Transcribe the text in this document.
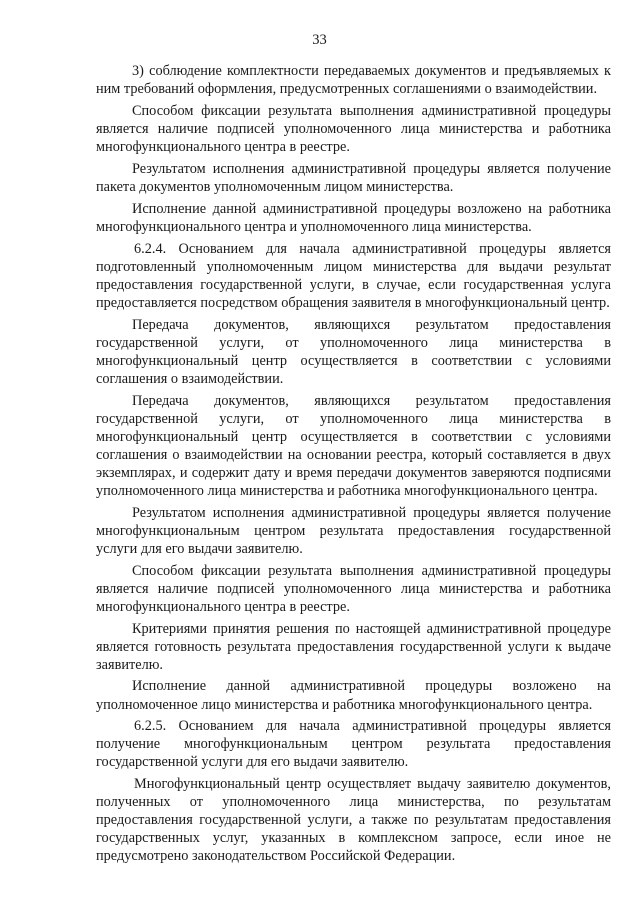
33

3) соблюдение комплектности передаваемых документов и предъявляемых к ним требований оформления, предусмотренных соглашениями о взаимодействии.

Способом фиксации результата выполнения административной процедуры является наличие подписей уполномоченного лица министерства и работника многофункционального центра в реестре.

Результатом исполнения административной процедуры является получение пакета документов уполномоченным лицом министерства.

Исполнение данной административной процедуры возложено на работника многофункционального центра и уполномоченного лица министерства.

6.2.4. Основанием для начала административной процедуры является подготовленный уполномоченным лицом министерства для выдачи результат предоставления государственной услуги, в случае, если государственная услуга предоставляется посредством обращения заявителя в многофункциональный центр.

Передача документов, являющихся результатом предоставления государственной услуги, от уполномоченного лица министерства в многофункциональный центр осуществляется в соответствии с условиями соглашения о взаимодействии.

Передача документов, являющихся результатом предоставления государственной услуги, от уполномоченного лица министерства в многофункциональный центр осуществляется в соответствии с условиями соглашения о взаимодействии на основании реестра, который составляется в двух экземплярах, и содержит дату и время передачи документов заверяются подписями уполномоченного лица министерства и работника многофункционального центра.

Результатом исполнения административной процедуры является получение многофункциональным центром результата предоставления государственной услуги для его выдачи заявителю.

Способом фиксации результата выполнения административной процедуры является наличие подписей уполномоченного лица министерства и работника многофункционального центра в реестре.

Критериями принятия решения по настоящей административной процедуре является готовность результата предоставления государственной услуги к выдаче заявителю.

Исполнение данной административной процедуры возложено на уполномоченное лицо министерства и работника многофункционального центра.

6.2.5. Основанием для начала административной процедуры является получение многофункциональным центром результата предоставления государственной услуги для его выдачи заявителю.

Многофункциональный центр осуществляет выдачу заявителю документов, полученных от уполномоченного лица министерства, по результатам предоставления государственной услуги, а также по результатам предоставления государственных услуг, указанных в комплексном запросе, если иное не предусмотрено законодательством Российской Федерации.
